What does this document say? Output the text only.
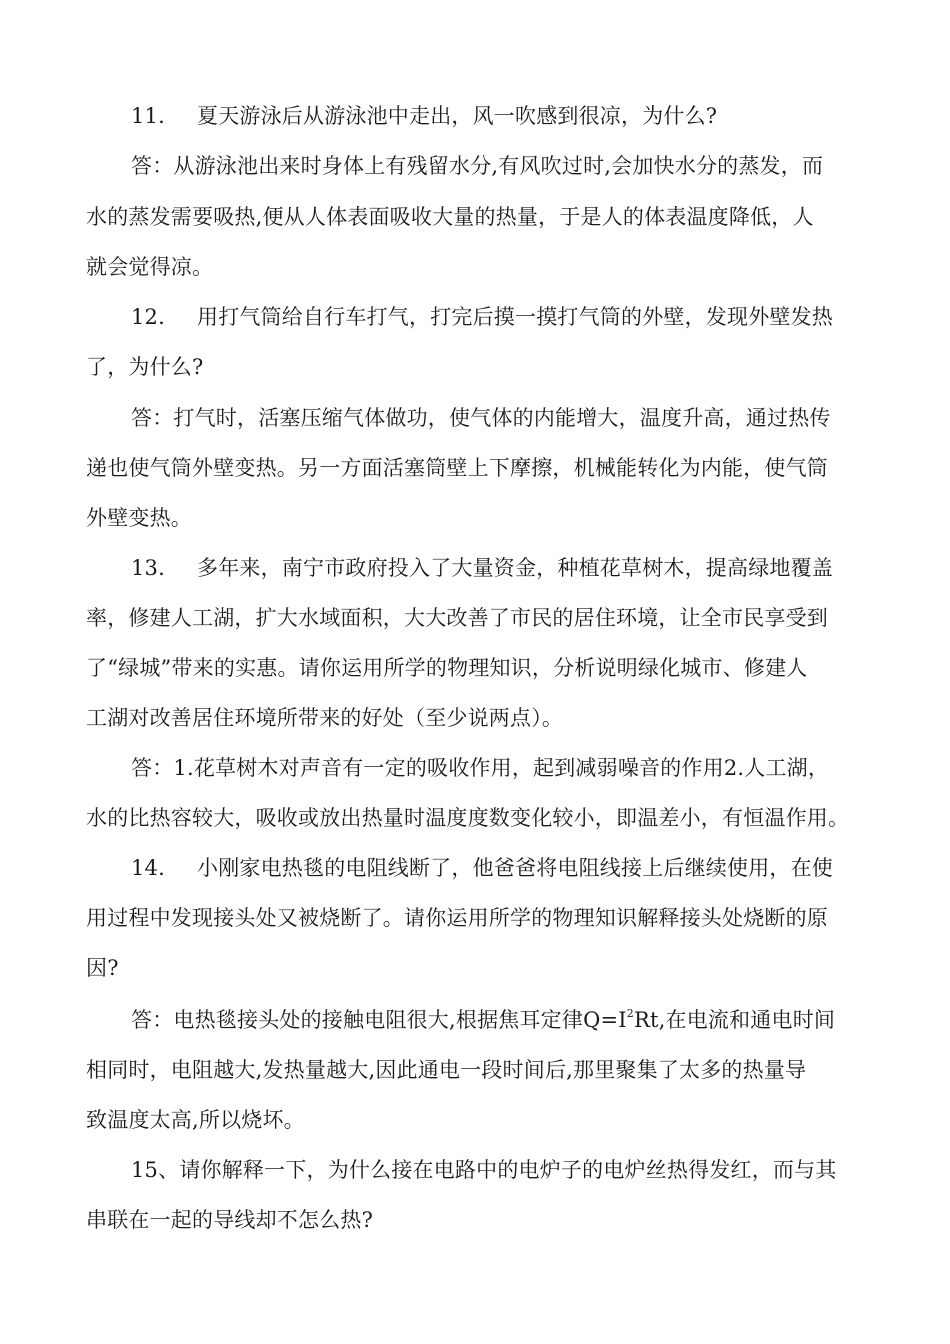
11. 夏天游泳后从游泳池中走出，风一吹感到很凉，为什么?
答：从游泳池出来时身体上有残留水分,有风吹过时,会加快水分的蒸发，而
水的蒸发需要吸热,便从人体表面吸收大量的热量，于是人的体表温度降低，人
就会觉得凉。
12. 用打气筒给自行车打气，打完后摸一摸打气筒的外壁，发现外壁发热
了，为什么?
答：打气时，活塞压缩气体做功，使气体的内能增大，温度升高，通过热传
递也使气筒外壁变热。另一方面活塞筒壁上下摩擦，机械能转化为内能，使气筒
外壁变热。
13. 多年来，南宁市政府投入了大量资金，种植花草树木，提高绿地覆盖
率，修建人工湖，扩大水域面积，大大改善了市民的居住环境，让全市民享受到
了“绿城”带来的实惠。请你运用所学的物理知识，分析说明绿化城市、修建人
工湖对改善居住环境所带来的好处（至少说两点）。
答：1.花草树木对声音有一定的吸收作用，起到减弱噪音的作用2.人工湖，
水的比热容较大，吸收或放出热量时温度度数变化较小，即温差小，有恒温作用。
14. 小刚家电热毯的电阻线断了，他爸爸将电阻线接上后继续使用，在使
用过程中发现接头处又被烧断了。请你运用所学的物理知识解释接头处烧断的原
因?
答：电热毯接头处的接触电阻很大,根据焦耳定律$Q=I^2Rt$,在电流和通电时间
相同时，电阻越大,发热量越大,因此通电一段时间后,那里聚集了太多的热量导
致温度太高,所以烧坏。
15、请你解释一下，为什么接在电路中的电炉子的电炉丝热得发红，而与其
串联在一起的导线却不怎么热?
